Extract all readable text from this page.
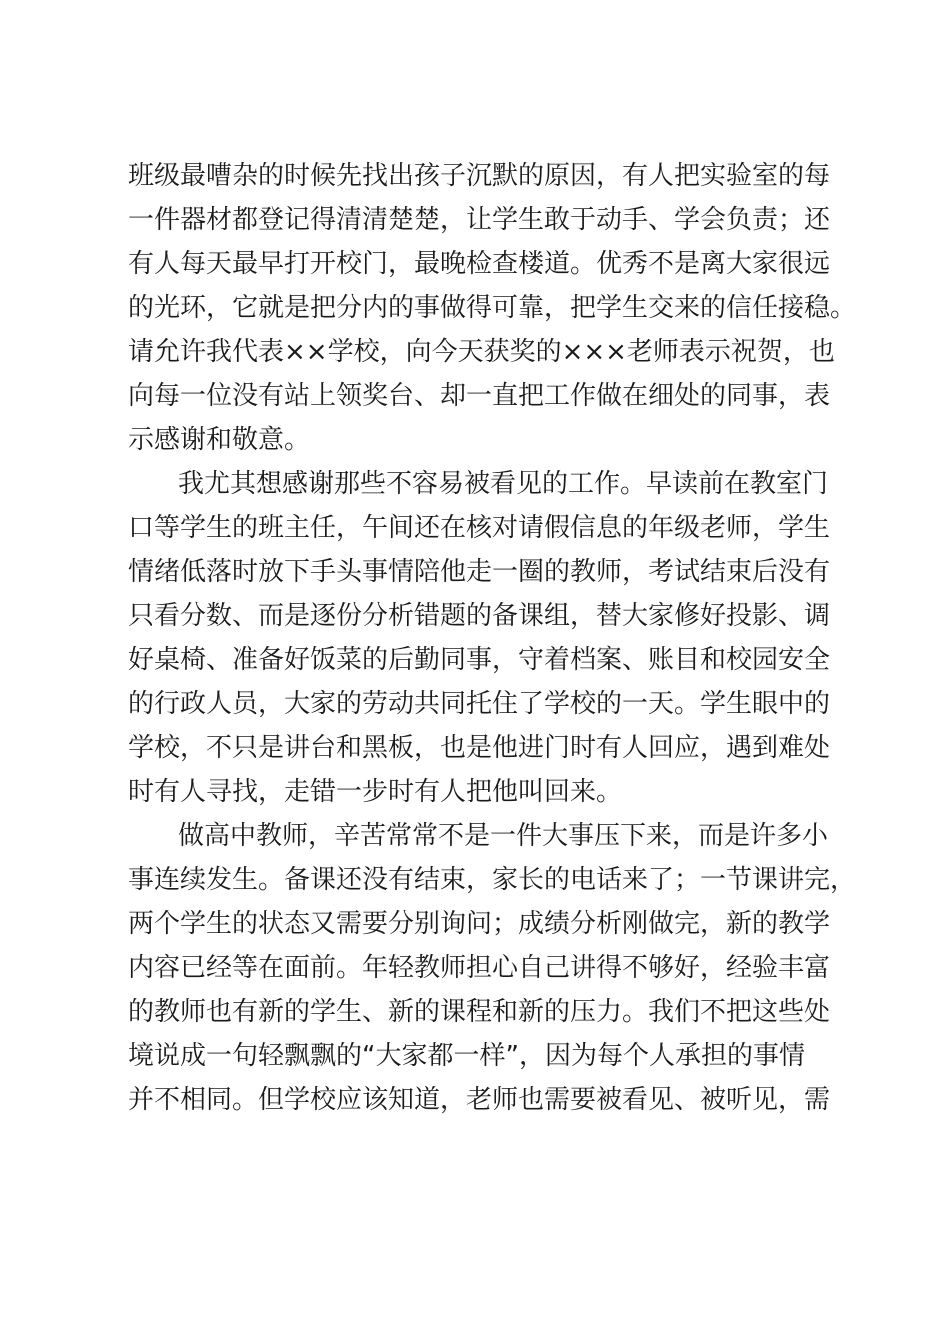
班级最嘈杂的时候先找出孩子沉默的原因，有人把实验室的每
一件器材都登记得清清楚楚，让学生敢于动手、学会负责；还
有人每天最早打开校门，最晚检查楼道。优秀不是离大家很远
的光环，它就是把分内的事做得可靠，把学生交来的信任接稳。
请允许我代表××学校，向今天获奖的×××老师表示祝贺，也
向每一位没有站上领奖台、却一直把工作做在细处的同事，表
示感谢和敬意。
我尤其想感谢那些不容易被看见的工作。早读前在教室门
口等学生的班主任，午间还在核对请假信息的年级老师，学生
情绪低落时放下手头事情陪他走一圈的教师，考试结束后没有
只看分数、而是逐份分析错题的备课组，替大家修好投影、调
好桌椅、准备好饭菜的后勤同事，守着档案、账目和校园安全
的行政人员，大家的劳动共同托住了学校的一天。学生眼中的
学校，不只是讲台和黑板，也是他进门时有人回应，遇到难处
时有人寻找，走错一步时有人把他叫回来。
做高中教师，辛苦常常不是一件大事压下来，而是许多小
事连续发生。备课还没有结束，家长的电话来了；一节课讲完，
两个学生的状态又需要分别询问；成绩分析刚做完，新的教学
内容已经等在面前。年轻教师担心自己讲得不够好，经验丰富
的教师也有新的学生、新的课程和新的压力。我们不把这些处
境说成一句轻飘飘的“大家都一样”，因为每个人承担的事情
并不相同。但学校应该知道，老师也需要被看见、被听见，需
